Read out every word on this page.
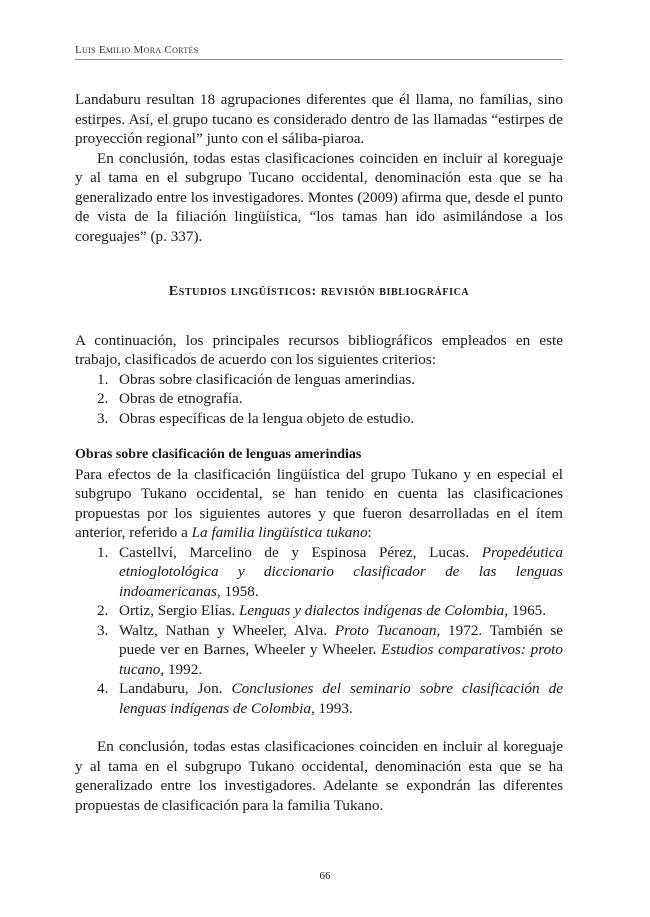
Luis Emilio Mora Cortés

Landaburu resultan 18 agrupaciones diferentes que él llama, no familias, sino estirpes. Así, el grupo tucano es considerado dentro de las llamadas “estirpes de proyección regional” junto con el sáliba-piaroa.

En conclusión, todas estas clasificaciones coinciden en incluir al koreguaje y al tama en el subgrupo Tucano occidental, denominación esta que se ha generalizado entre los investigadores. Montes (2009) afirma que, desde el punto de vista de la filiación lingüística, “los tamas han ido asimilándose a los coreguajes” (p. 337).

Estudios lingüísticos: revisión bibliográfica

A continuación, los principales recursos bibliográficos empleados en este trabajo, clasificados de acuerdo con los siguientes criterios:

1. Obras sobre clasificación de lenguas amerindias.
2. Obras de etnografía.
3. Obras específicas de la lengua objeto de estudio.
Obras sobre clasificación de lenguas amerindias

Para efectos de la clasificación lingüística del grupo Tukano y en especial el subgrupo Tukano occidental, se han tenido en cuenta las clasificaciones propuestas por los siguientes autores y que fueron desarrolladas en el ítem anterior, referido a La familia lingüística tukano:

1. Castellví, Marcelino de y Espinosa Pérez, Lucas. Propedéutica etnioglotológica y diccionario clasificador de las lenguas indoamericanas, 1958.
2. Ortiz, Sergio Elías. Lenguas y dialectos indígenas de Colombia, 1965.
3. Waltz, Nathan y Wheeler, Alva. Proto Tucanoan, 1972. También se puede ver en Barnes, Wheeler y Wheeler. Estudios comparativos: proto tucano, 1992.
4. Landaburu, Jon. Conclusiones del seminario sobre clasificación de lenguas indígenas de Colombia, 1993.

En conclusión, todas estas clasificaciones coinciden en incluir al koreguaje y al tama en el subgrupo Tukano occidental, denominación esta que se ha generalizado entre los investigadores. Adelante se expondrán las diferentes propuestas de clasificación para la familia Tukano.

66
